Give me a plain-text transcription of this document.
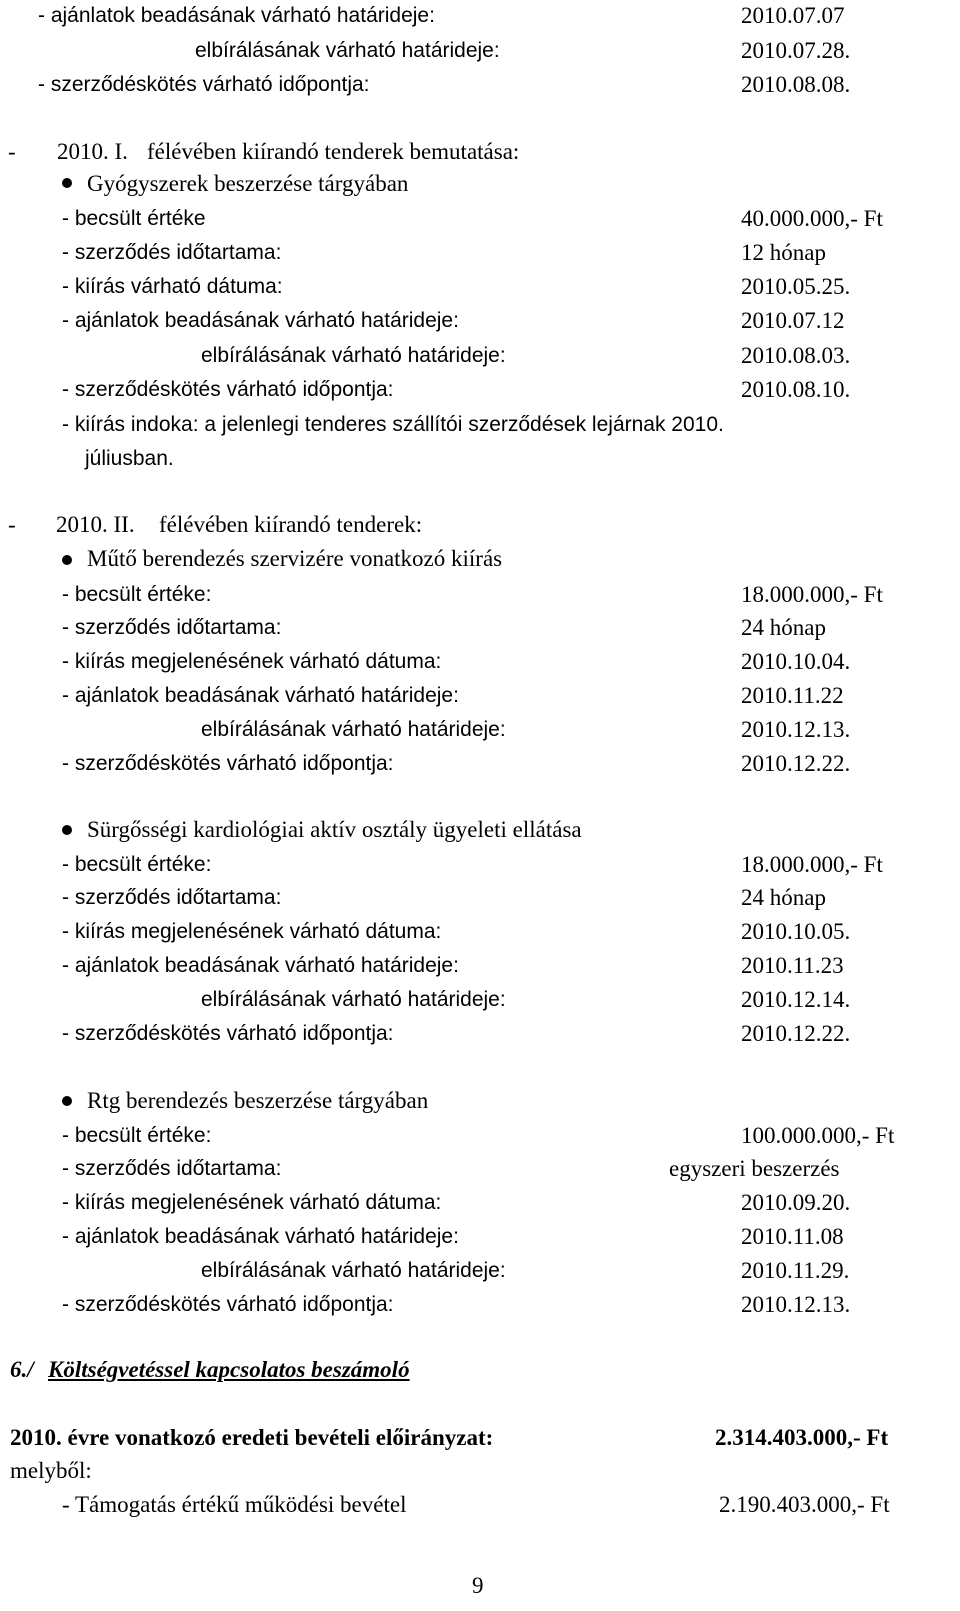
- ajánlatok beadásának várható határideje:	2010.07.07
elbírálásának várható határideje:	2010.07.28.
- szerződéskötés várható időpontja:	2010.08.08.
- 2010. I. félévében kiírandó tenderek bemutatása:
Gyógyszerek beszerzése tárgyában
- becsült értéke	40.000.000,- Ft
- szerződés időtartama:	12 hónap
- kiírás várható dátuma:	2010.05.25.
- ajánlatok beadásának várható határideje:	2010.07.12
elbírálásának várható határideje:	2010.08.03.
- szerződéskötés várható időpontja:	2010.08.10.
- kiírás indoka: a jelenlegi tenderes szállítói szerződések lejárnak 2010.
júliusban.
- 2010. II. félévében kiírandó tenderek:
Műtő berendezés szervizére vonatkozó kiírás
- becsült értéke:	18.000.000,- Ft
- szerződés időtartama:	24 hónap
- kiírás megjelenésének várható dátuma:	2010.10.04.
- ajánlatok beadásának várható határideje:	2010.11.22
elbírálásának várható határideje:	2010.12.13.
- szerződéskötés várható időpontja:	2010.12.22.
Sürgősségi kardiológiai aktív osztály ügyeleti ellátása
- becsült értéke:	18.000.000,- Ft
- szerződés időtartama:	24 hónap
- kiírás megjelenésének várható dátuma:	2010.10.05.
- ajánlatok beadásának várható határideje:	2010.11.23
elbírálásának várható határideje:	2010.12.14.
- szerződéskötés várható időpontja:	2010.12.22.
Rtg berendezés beszerzése tárgyában
- becsült értéke:	100.000.000,- Ft
- szerződés időtartama:	egyszeri beszerzés
- kiírás megjelenésének várható dátuma:	2010.09.20.
- ajánlatok beadásának várható határideje:	2010.11.08
elbírálásának várható határideje:	2010.11.29.
- szerződéskötés várható időpontja:	2010.12.13.
6./ Költségvetéssel kapcsolatos beszámoló
2010. évre vonatkozó eredeti bevételi előirányzat:	2.314.403.000,- Ft
melyből:
- Támogatás értékű működési bevétel	2.190.403.000,- Ft
9
